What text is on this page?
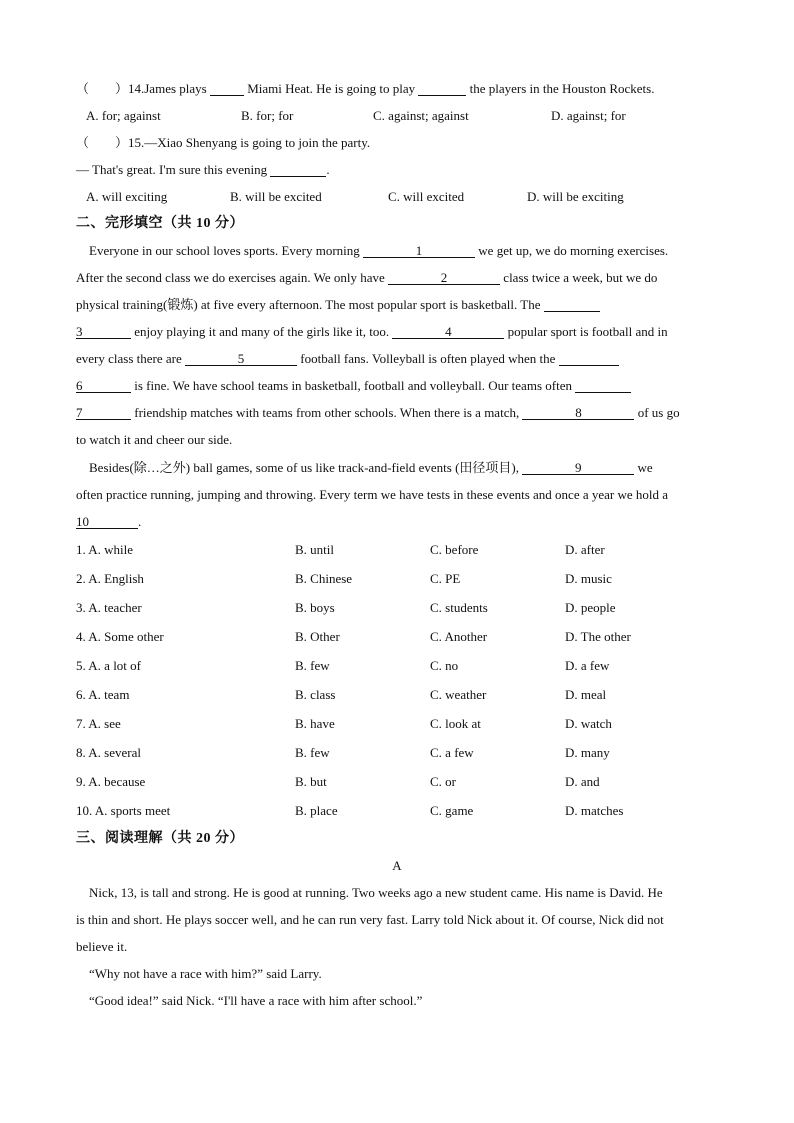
（　　）14.James plays	Miami Heat. He is going to play	the players in the Houston Rockets.
A. for; against	B. for; for	C. against; against	D. against; for
（　　）15.—Xiao Shenyang is going to join the party.
— That's great. I'm sure this evening	.
A. will exciting	B. will be excited	C. will excited	D. will be exciting
二、完形填空（共 10 分）
Everyone in our school loves sports. Every morning	1	we get up, we do morning exercises.
After the second class we do exercises again. We only have	2	class twice a week, but we do
physical training(锻炼) at five every afternoon. The most popular sport is basketball. The
3	enjoy playing it and many of the girls like it, too.	4	popular sport is football and in
every class there are	5	football fans. Volleyball is often played when the
6	is fine. We have school teams in basketball, football and volleyball. Our teams often
7	friendship matches with teams from other schools. When there is a match,	8	of us go
to watch it and cheer our side.
Besides(除…之外) ball games, some of us like track-and-field events (田径项目),	9	we
often practice running, jumping and throwing. Every term we have tests in these events and once a year we hold a
10	.
1. A. while	B. until	C. before	D. after
2. A. English	B. Chinese	C. PE	D. music
3. A. teacher	B. boys	C. students	D. people
4. A. Some other	B. Other	C. Another	D. The other
5. A. a lot of	B. few	C. no	D. a few
6. A. team	B. class	C. weather	D. meal
7. A. see	B. have	C. look at	D. watch
8. A. several	B. few	C. a few	D. many
9. A. because	B. but	C. or	D. and
10. A. sports meet	B. place	C. game	D. matches
三、阅读理解（共 20 分）
A
Nick, 13, is tall and strong. He is good at running. Two weeks ago a new student came. His name is David. He
is thin and short. He plays soccer well, and he can run very fast. Larry told Nick about it. Of course, Nick did not
believe it.
“Why not have a race with him?” said Larry.
“Good idea!” said Nick. “I'll have a race with him after school.”
